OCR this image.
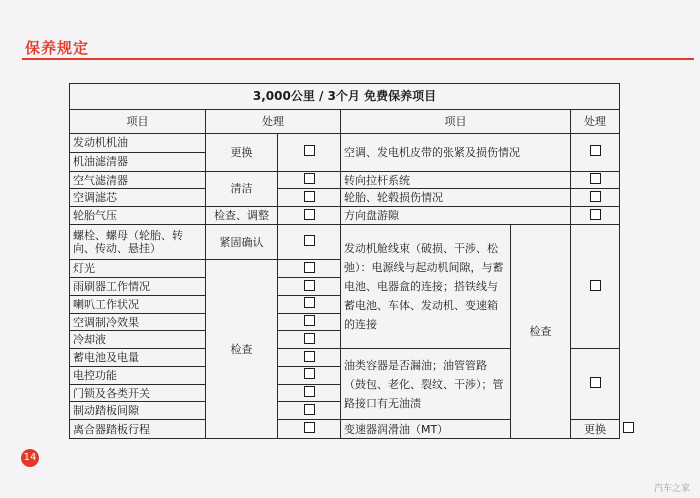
保养规定
3,000公里 / 3个月 免费保养项目						
项目	处理		项目		处理	
发动机机油	更换		空调、发电机皮带的张紧及损伤情况			
机油滤清器						
空气滤清器	清洁		转向拉杆系统			
空调滤芯			轮胎、轮毂损伤情况			
轮胎气压	检查、调整		方向盘游隙			
螺栓、螺母（轮胎、转向、传动、悬挂）	紧固确认		发动机舱线束（破损、干涉、松弛）：电源线与起动机间隙，与蓄电池、电器盒的连接；搭铁线与蓄电池、车体、发动机、变速箱的连接	检查		
灯光	检查					
雨刷器工作情况						
喇叭工作状况						
空调制冷效果						
冷却液						
蓄电池及电量			油类容器是否漏油；油管管路（鼓包、老化、裂纹、干涉）；管路接口有无油渍			
电控功能						
门锁及各类开关						
制动踏板间隙						
离合器踏板行程			变速器润滑油（MT）		更换	
14
汽车之家
